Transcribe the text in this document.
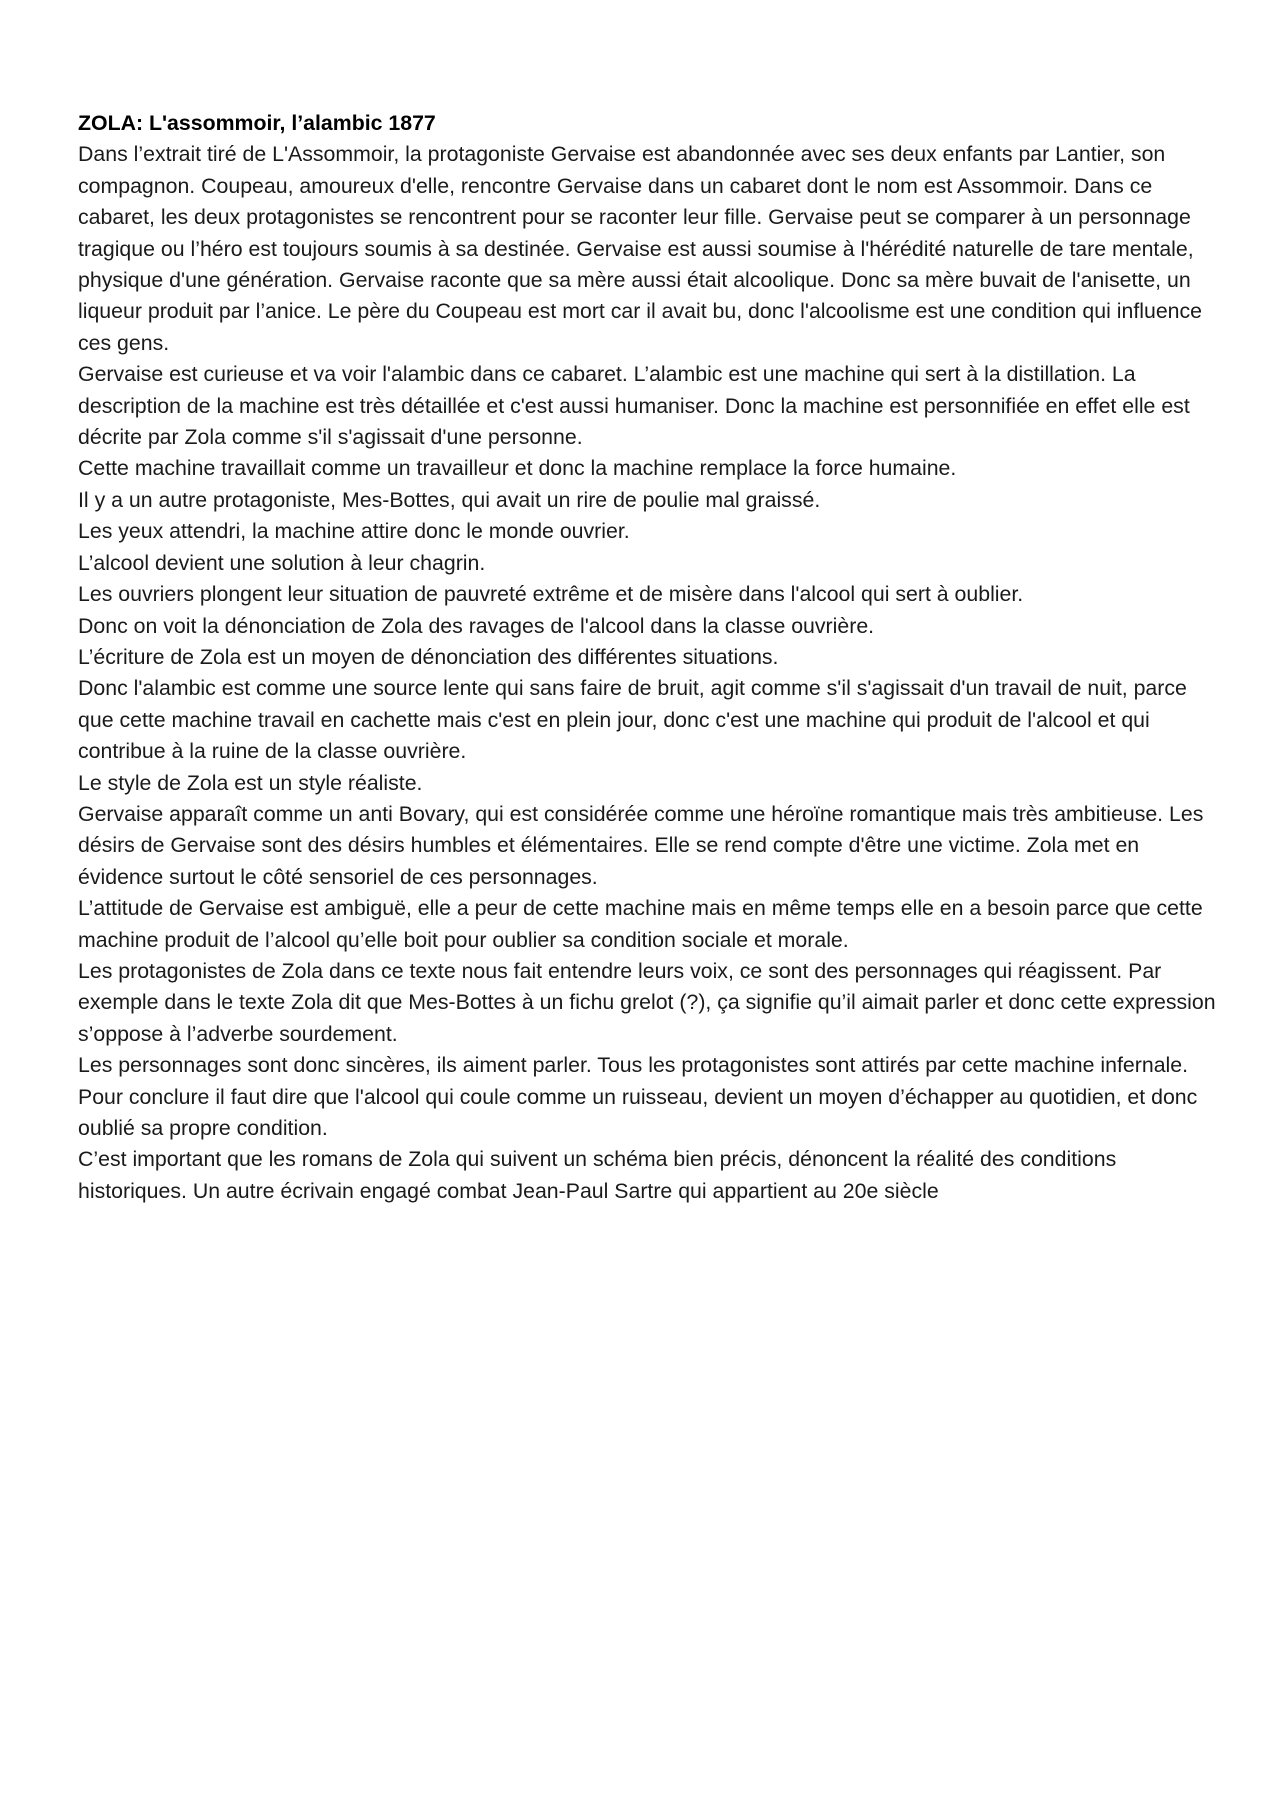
ZOLA: L'assommoir, l’alambic 1877

Dans l’extrait tiré de L'Assommoir, la protagoniste Gervaise est abandonnée avec ses deux enfants par Lantier, son compagnon. Coupeau, amoureux d'elle, rencontre Gervaise dans un cabaret dont le nom est Assommoir. Dans ce cabaret, les deux protagonistes se rencontrent pour se raconter leur fille. Gervaise peut se comparer à un personnage tragique ou l’héro est toujours soumis à sa destinée. Gervaise est aussi soumise à l'hérédité naturelle de tare mentale, physique d'une génération. Gervaise raconte que sa mère aussi était alcoolique. Donc sa mère buvait de l'anisette, un liqueur produit par l’anice. Le père du Coupeau est mort car il avait bu, donc l'alcoolisme est une condition qui influence ces gens.

Gervaise est curieuse et va voir l'alambic dans ce cabaret. L’alambic est une machine qui sert à la distillation. La description de la machine est très détaillée et c'est aussi humaniser. Donc la machine est personnifiée en effet elle est décrite par Zola comme s'il s'agissait d'une personne.

Cette machine travaillait comme un travailleur et donc la machine remplace la force humaine.

Il y a un autre protagoniste, Mes-Bottes, qui avait un rire de poulie mal graissé.

Les yeux attendri, la machine attire donc le monde ouvrier.

L’alcool devient une solution à leur chagrin.

Les ouvriers plongent leur situation de pauvreté extrême et de misère dans l'alcool qui sert à oublier.

Donc on voit la dénonciation de Zola des ravages de l'alcool dans la classe ouvrière.

L’écriture de Zola est un moyen de dénonciation des différentes situations.

Donc l'alambic est comme une source lente qui sans faire de bruit, agit comme s'il s'agissait d'un travail de nuit, parce que cette machine travail en cachette mais c'est en plein jour, donc c'est une machine qui produit de l'alcool et qui contribue à la ruine de la classe ouvrière.

Le style de Zola est un style réaliste.

Gervaise apparaît comme un anti Bovary, qui est considérée comme une héroïne romantique mais très ambitieuse. Les désirs de Gervaise sont des désirs humbles et élémentaires. Elle se rend compte d'être une victime. Zola met en évidence surtout le côté sensoriel de ces personnages.

L’attitude de Gervaise est ambiguë, elle a peur de cette machine mais en même temps elle en a besoin parce que cette machine produit de l’alcool qu’elle boit pour oublier sa condition sociale et morale.

Les protagonistes de Zola dans ce texte nous fait entendre leurs voix, ce sont des personnages qui réagissent. Par exemple dans le texte Zola dit que Mes-Bottes à un fichu grelot (?), ça signifie qu’il aimait parler et donc cette expression s’oppose à l’adverbe sourdement.

Les personnages sont donc sincères, ils aiment parler. Tous les protagonistes sont attirés par cette machine infernale.

Pour conclure il faut dire que l'alcool qui coule comme un ruisseau, devient un moyen d’échapper au quotidien, et donc oublié sa propre condition.

C’est important que les romans de Zola qui suivent un schéma bien précis, dénoncent la réalité des conditions historiques. Un autre écrivain engagé combat Jean-Paul Sartre qui appartient au 20e siècle
